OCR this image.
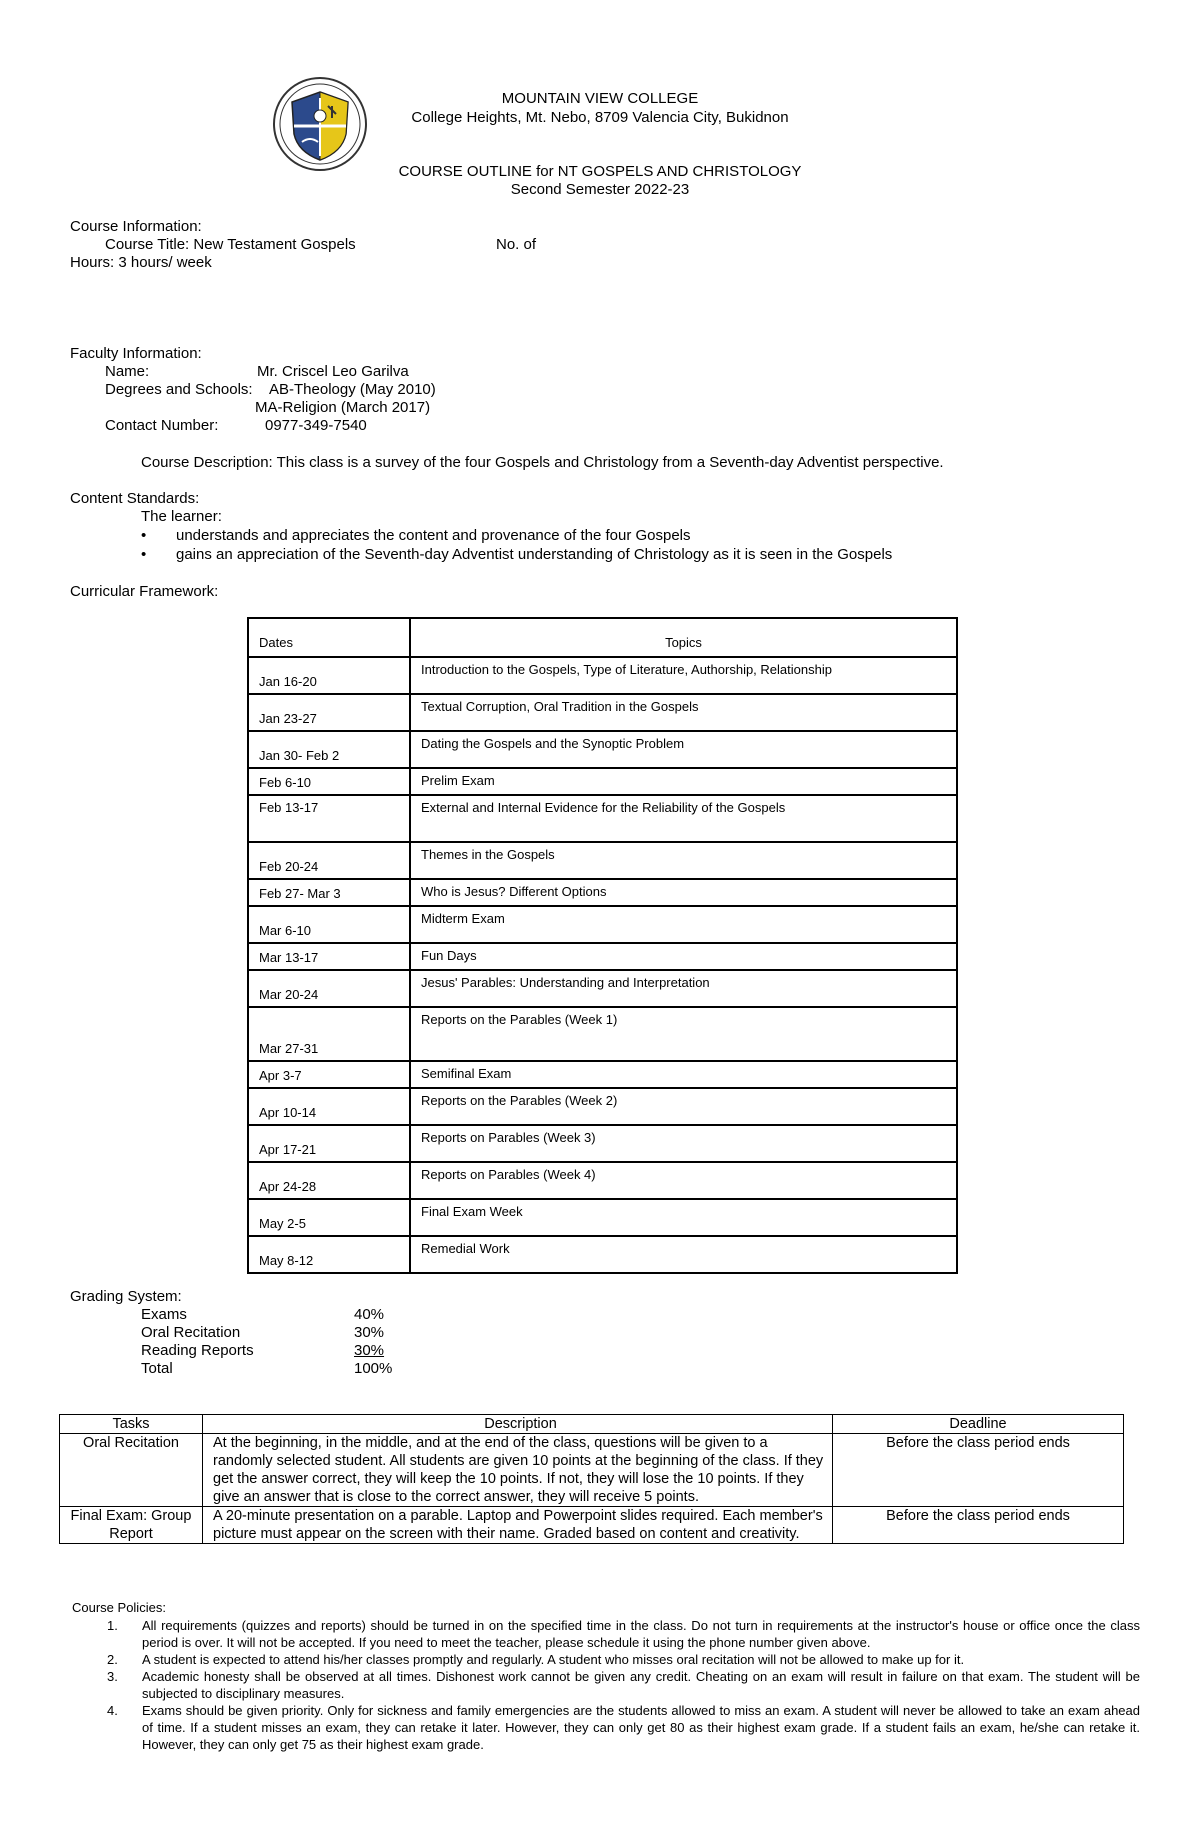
MOUNTAIN VIEW COLLEGE
College Heights, Mt. Nebo, 8709 Valencia City, Bukidnon
COURSE OUTLINE for NT GOSPELS AND CHRISTOLOGY
Second Semester 2022-23
Course Information:
Course Title: New Testament Gospels	No. of
Hours: 3 hours/ week
Faculty Information:
Name:	Mr. Criscel Leo Garilva
Degrees and Schools: AB-Theology (May 2010)
MA-Religion (March 2017)
Contact Number:	0977-349-7540
Course Description: This class is a survey of the four Gospels and Christology from a Seventh-day Adventist perspective.
Content Standards:
The learner:
• understands and appreciates the content and provenance of the four Gospels
• gains an appreciation of the Seventh-day Adventist understanding of Christology as it is seen in the Gospels
Curricular Framework:
Dates	Topics
Jan 16-20	Introduction to the Gospels, Type of Literature, Authorship, Relationship
Jan 23-27	Textual Corruption, Oral Tradition in the Gospels
Jan 30- Feb 2	Dating the Gospels and the Synoptic Problem
Feb 6-10	Prelim Exam
Feb 13-17	External and Internal Evidence for the Reliability of the Gospels
Feb 20-24	Themes in the Gospels
Feb 27- Mar 3	Who is Jesus? Different Options
Mar 6-10	Midterm Exam
Mar 13-17	Fun Days
Mar 20-24	Jesus' Parables: Understanding and Interpretation
Mar 27-31	Reports on the Parables (Week 1)
Apr 3-7	Semifinal Exam
Apr 10-14	Reports on the Parables (Week 2)
Apr 17-21	Reports on Parables (Week 3)
Apr 24-28	Reports on Parables (Week 4)
May 2-5	Final Exam Week
May 8-12	Remedial Work
Grading System:
Exams	40%
Oral Recitation	30%
Reading Reports	30%
Total	100%
Tasks	Description	Deadline
Oral Recitation	At the beginning, in the middle, and at the end of the class, questions will be given to a randomly selected student. All students are given 10 points at the beginning of the class. If they get the answer correct, they will keep the 10 points. If not, they will lose the 10 points. If they give an answer that is close to the correct answer, they will receive 5 points.	Before the class period ends
Final Exam: Group Report	A 20-minute presentation on a parable. Laptop and Powerpoint slides required. Each member's picture must appear on the screen with their name. Graded based on content and creativity.	Before the class period ends
Course Policies:
1. All requirements (quizzes and reports) should be turned in on the specified time in the class. Do not turn in requirements at the instructor's house or office once the class period is over. It will not be accepted. If you need to meet the teacher, please schedule it using the phone number given above.
2. A student is expected to attend his/her classes promptly and regularly. A student who misses oral recitation will not be allowed to make up for it.
3. Academic honesty shall be observed at all times. Dishonest work cannot be given any credit. Cheating on an exam will result in failure on that exam. The student will be subjected to disciplinary measures.
4. Exams should be given priority. Only for sickness and family emergencies are the students allowed to miss an exam. A student will never be allowed to take an exam ahead of time. If a student misses an exam, they can retake it later. However, they can only get 80 as their highest exam grade. If a student fails an exam, he/she can retake it. However, they can only get 75 as their highest exam grade.
